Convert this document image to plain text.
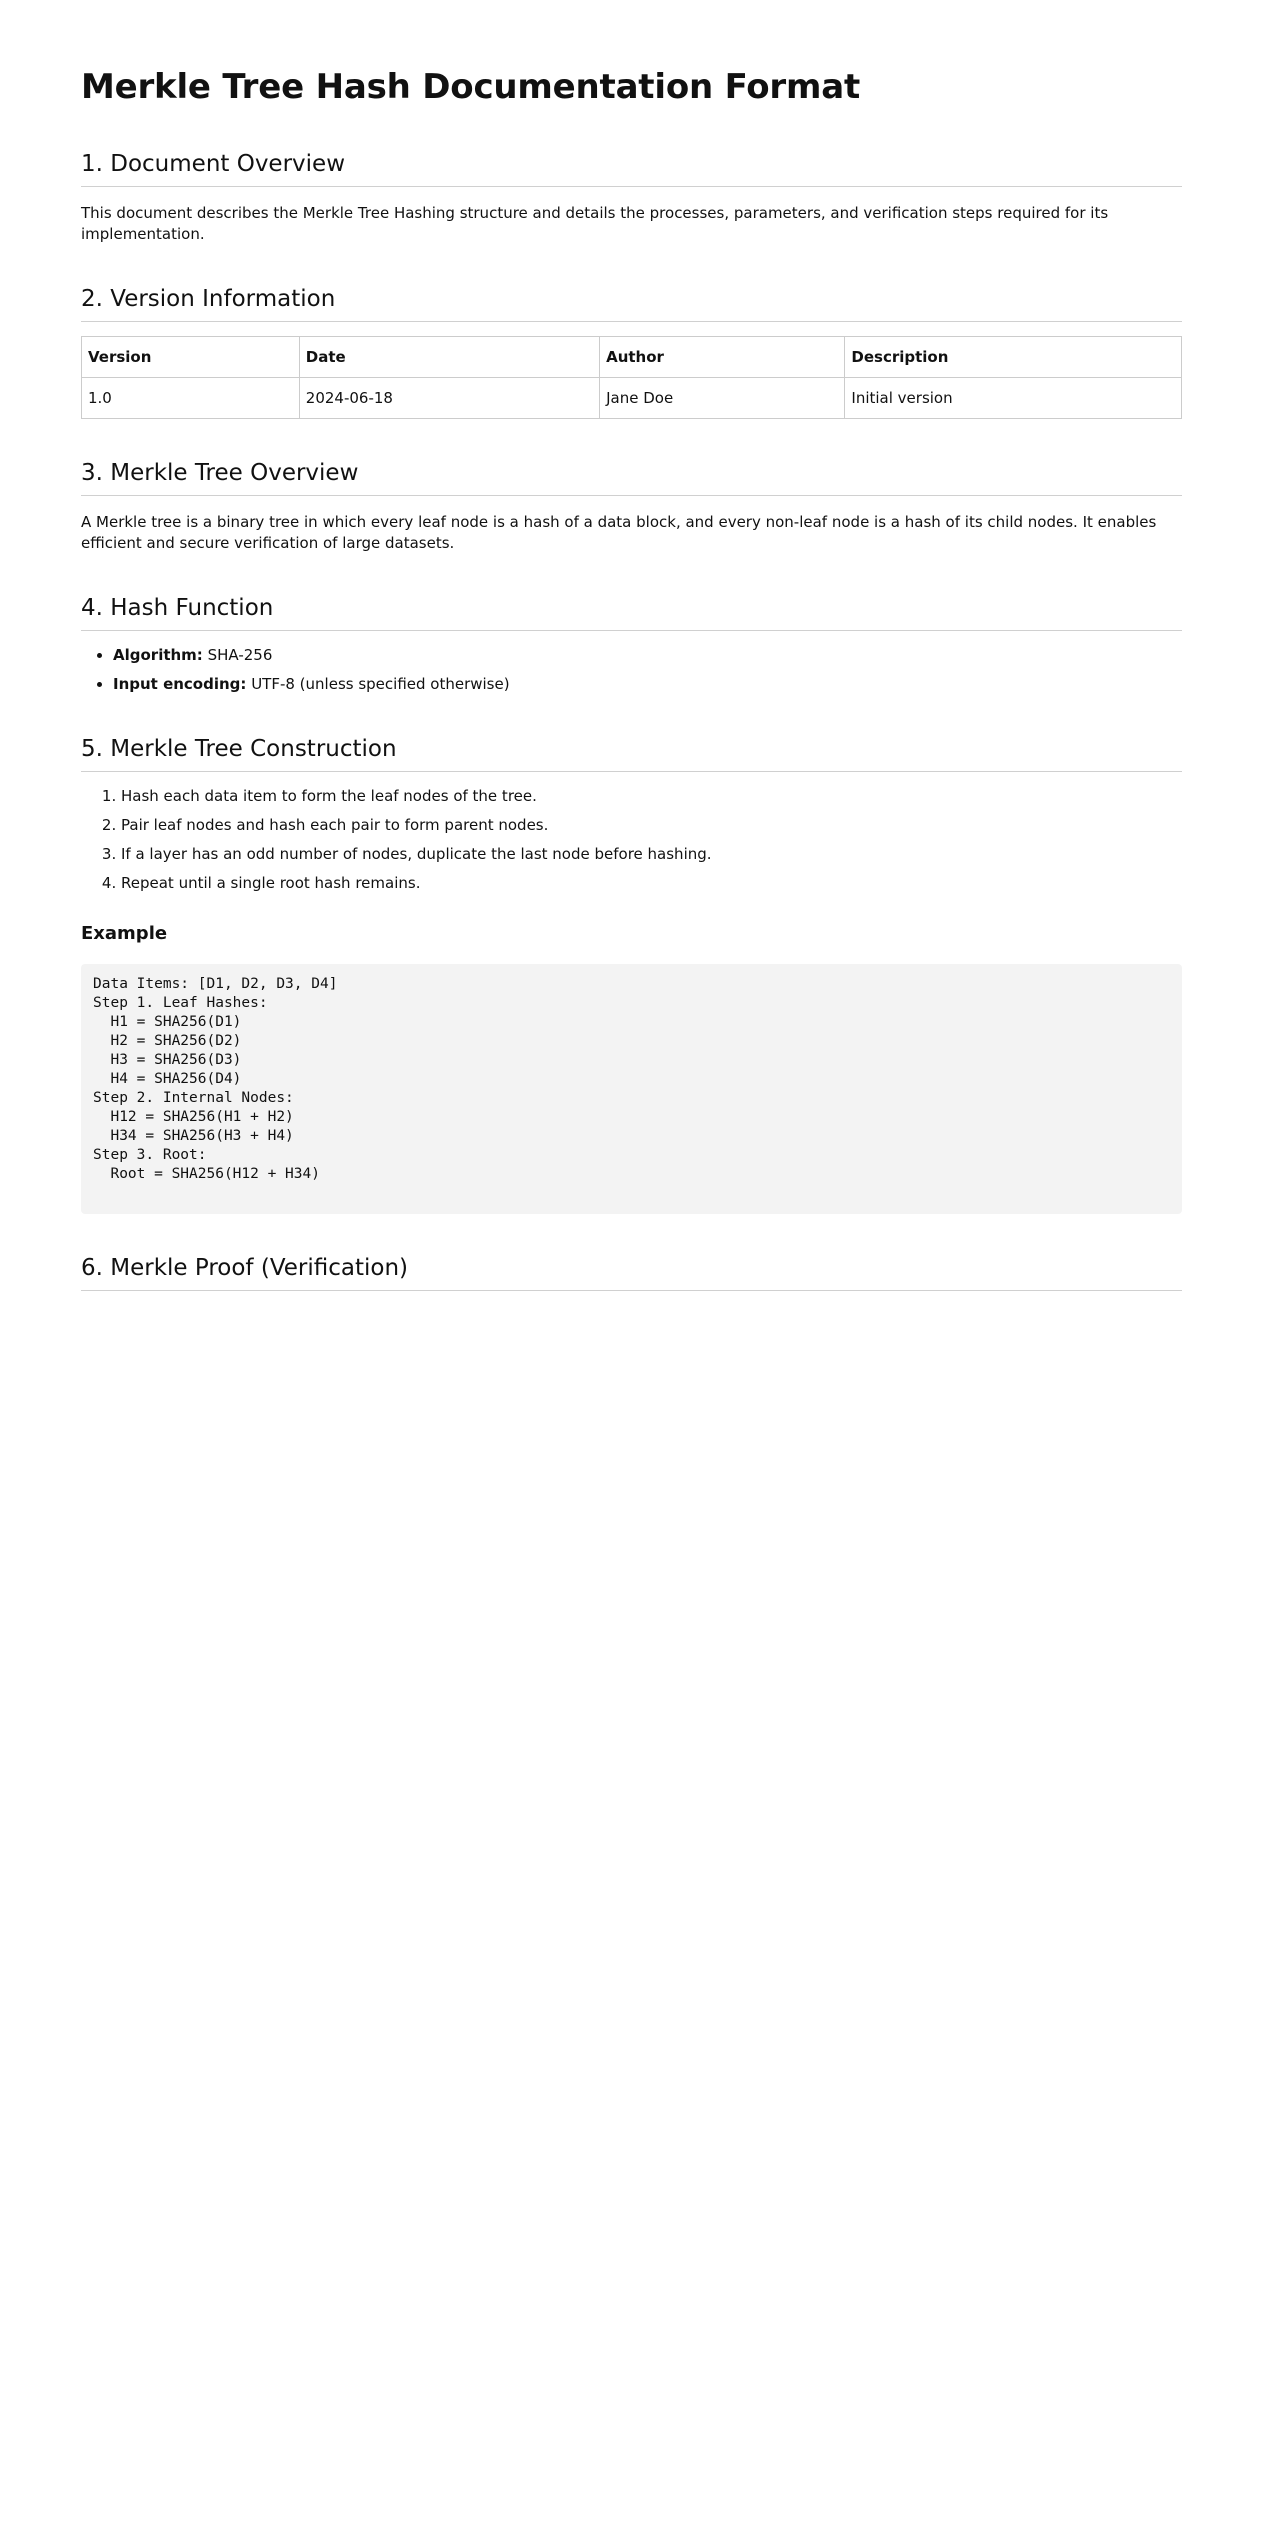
Merkle Tree Hash Documentation Format
1. Document Overview

This document describes the Merkle Tree Hashing structure and details the processes, parameters, and verification steps required for its implementation.

2. Version Information
Version	Date	Author	Description
1.0	2024-06-18	Jane Doe	Initial version
3. Merkle Tree Overview

A Merkle tree is a binary tree in which every leaf node is a hash of a data block, and every non-leaf node is a hash of its child nodes. It enables efficient and secure verification of large datasets.

4. Hash Function
• Algorithm: SHA-256
• Input encoding: UTF-8 (unless specified otherwise)
5. Merkle Tree Construction
1. Hash each data item to form the leaf nodes of the tree.
2. Pair leaf nodes and hash each pair to form parent nodes.
3. If a layer has an odd number of nodes, duplicate the last node before hashing.
4. Repeat until a single root hash remains.
Example
Data Items: [D1, D2, D3, D4]
Step 1. Leaf Hashes:
H1 = SHA256(D1)
H2 = SHA256(D2)
H3 = SHA256(D3)
H4 = SHA256(D4)
Step 2. Internal Nodes:
H12 = SHA256(H1 + H2)
H34 = SHA256(H3 + H4)
Step 3. Root:
Root = SHA256(H12 + H34)
6. Merkle Proof (Verification)
